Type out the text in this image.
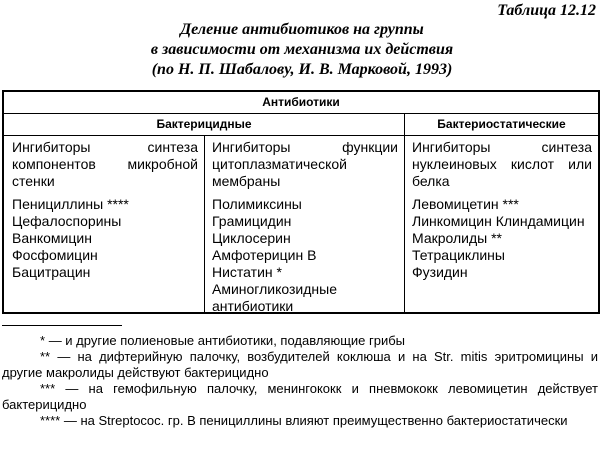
Таблица 12.12
Деление антибиотиков на группы
в зависимости от механизма их действия
(по Н. П. Шабалову, И. В. Марковой, 1993)
Антибиотики
Бактерицидные	Бактериостатические
Ингибиторы синтеза компонентов микробной стенки
Пенициллины ****
Цефалоспорины
Ванкомицин
Фосфомицин
Бацитрацин
Ингибиторы функции цитоплазматической мембраны
Полимиксины
Грамицидин
Циклосерин
Амфотерицин В
Нистатин *
Аминогликозидные антибиотики
Ингибиторы синтеза нуклеиновых кислот или белка
Левомицетин ***
Линкомицин Клиндамицин
Макролиды **
Тетрациклины
Фузидин
* — и другие полиеновые антибиотики, подавляющие грибы
** — на дифтерийную палочку, возбудителей коклюша и на Str. mitis эритромицины и другие макролиды действуют бактерицидно
*** — на гемофильную палочку, менингококк и пневмококк левомицетин действует бактерицидно
**** — на Streptococ. гр. В пенициллины влияют преимущественно бактериостатически
